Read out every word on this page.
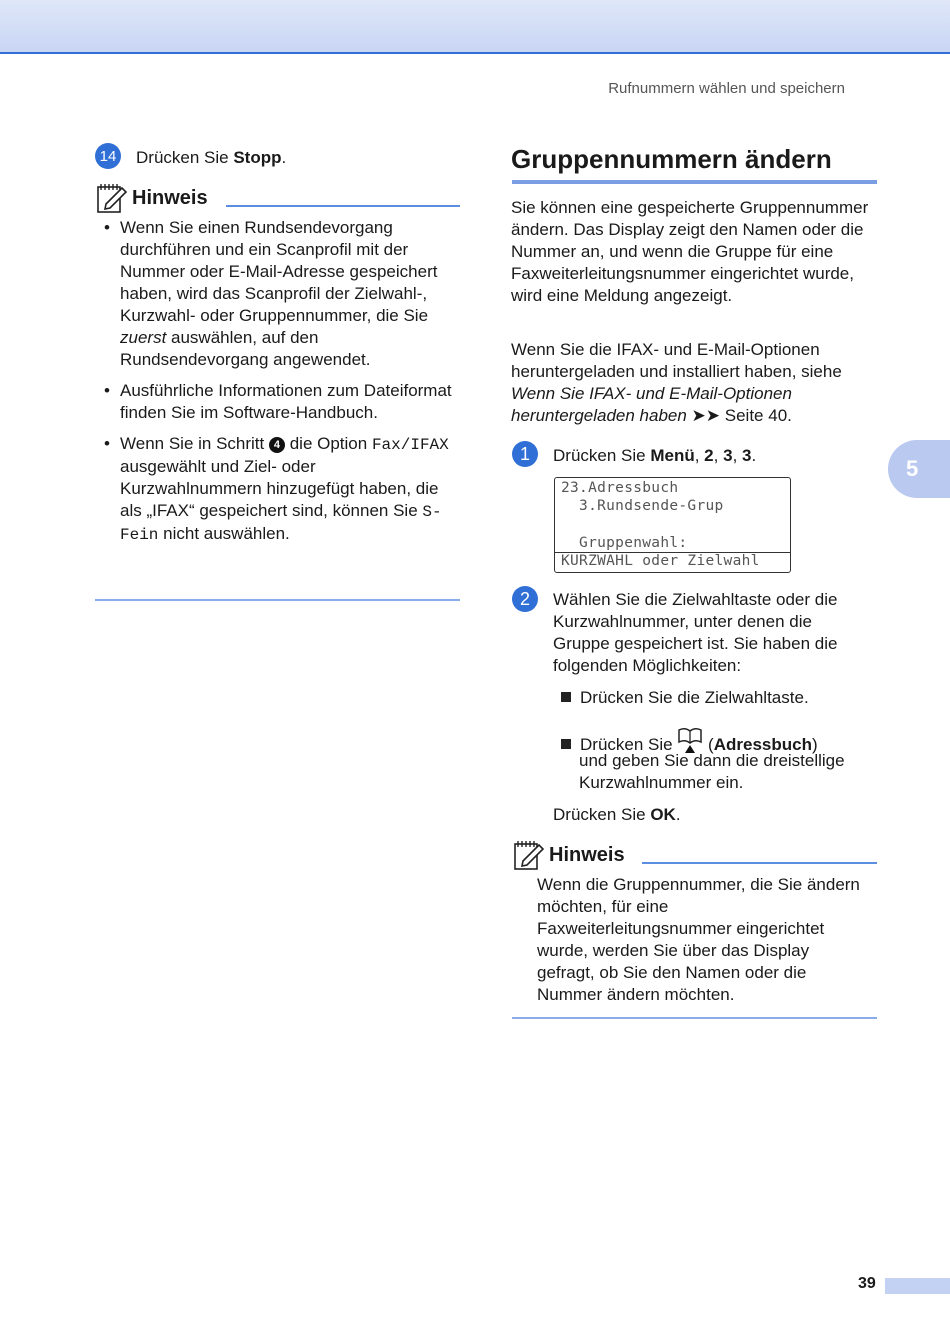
Rufnummern wählen und speichern
5
14 Drücken Sie Stopp.
Hinweis
• Wenn Sie einen Rundsendevorgang durchführen und ein Scanprofil mit der Nummer oder E-Mail-Adresse gespeichert haben, wird das Scanprofil der Zielwahl-, Kurzwahl- oder Gruppennummer, die Sie zuerst auswählen, auf den Rundsendevorgang angewendet.
• Ausführliche Informationen zum Dateiformat finden Sie im Software-Handbuch.
• Wenn Sie in Schritt 4 die Option Fax/IFAX ausgewählt und Ziel- oder Kurzwahlnummern hinzugefügt haben, die als „IFAX“ gespeichert sind, können Sie S-Fein nicht auswählen.
Gruppennummern ändern
Sie können eine gespeicherte Gruppennummer ändern. Das Display zeigt den Namen oder die Nummer an, und wenn die Gruppe für eine Faxweiterleitungsnummer eingerichtet wurde, wird eine Meldung angezeigt.
Wenn Sie die IFAX- und E-Mail-Optionen heruntergeladen und installiert haben, siehe Wenn Sie IFAX- und E-Mail-Optionen heruntergeladen haben ➤➤ Seite 40.
1	Drücken Sie Menü, 2, 3, 3.
23.Adressbuch
3.Rundsende-Grup
Gruppenwahl:
KURZWAHL oder Zielwahl
2	Wählen Sie die Zielwahltaste oder die Kurzwahlnummer, unter denen die Gruppe gespeichert ist. Sie haben die folgenden Möglichkeiten:
Drücken Sie die Zielwahltaste.
Drücken Sie  (Adressbuch)
und geben Sie dann die dreistellige Kurzwahlnummer ein.
Drücken Sie OK.
Hinweis
Wenn die Gruppennummer, die Sie ändern möchten, für eine Faxweiterleitungsnummer eingerichtet wurde, werden Sie über das Display gefragt, ob Sie den Namen oder die Nummer ändern möchten.
39
